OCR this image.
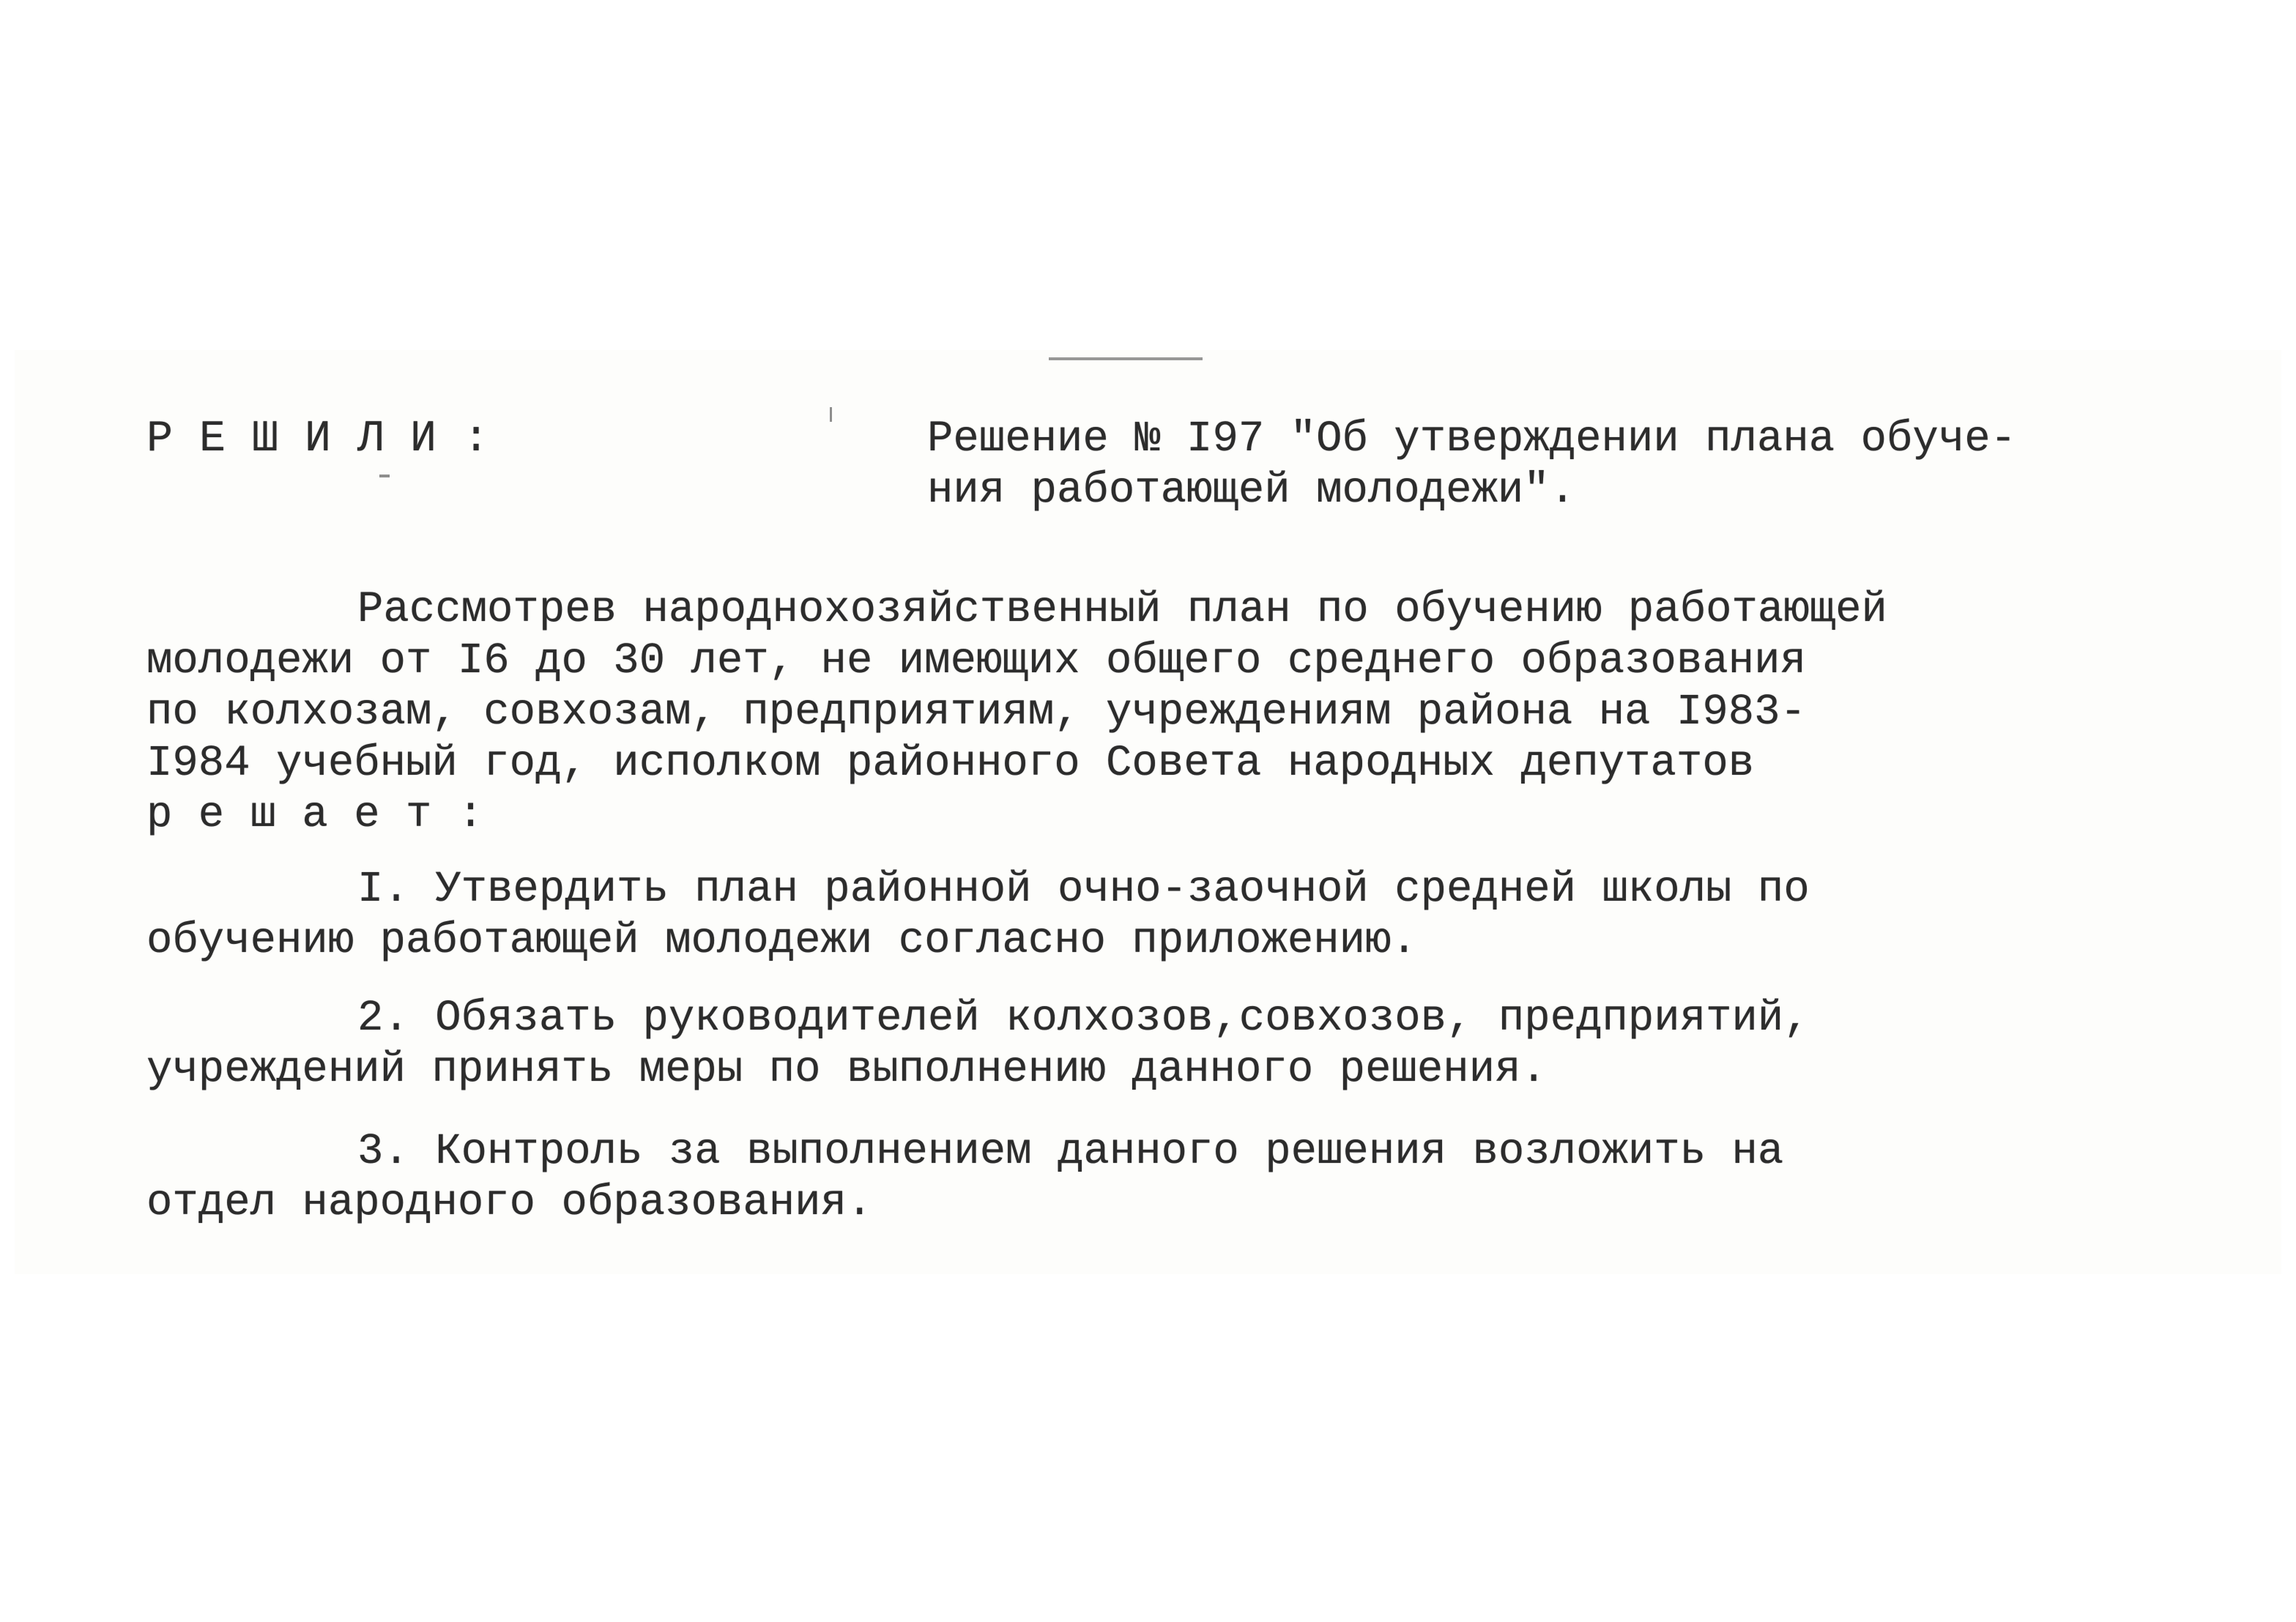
Р Е Ш И Л И :	Решение № I97 "Об утверждении плана обуче-
ния работающей молодежи".
Рассмотрев народнохозяйственный план по обучению работающей
молодежи от I6 до 30 лет, не имеющих общего среднего образования
по колхозам, совхозам, предприятиям, учреждениям района на I983-
I984 учебный год, исполком районного Совета народных депутатов
р е ш а е т :
I. Утвердить план районной очно-заочной средней школы по
обучению работающей молодежи согласно приложению.
2. Обязать руководителей колхозов,совхозов, предприятий,
учреждений принять меры по выполнению данного решения.
3. Контроль за выполнением данного решения возложить на
отдел народного образования.
